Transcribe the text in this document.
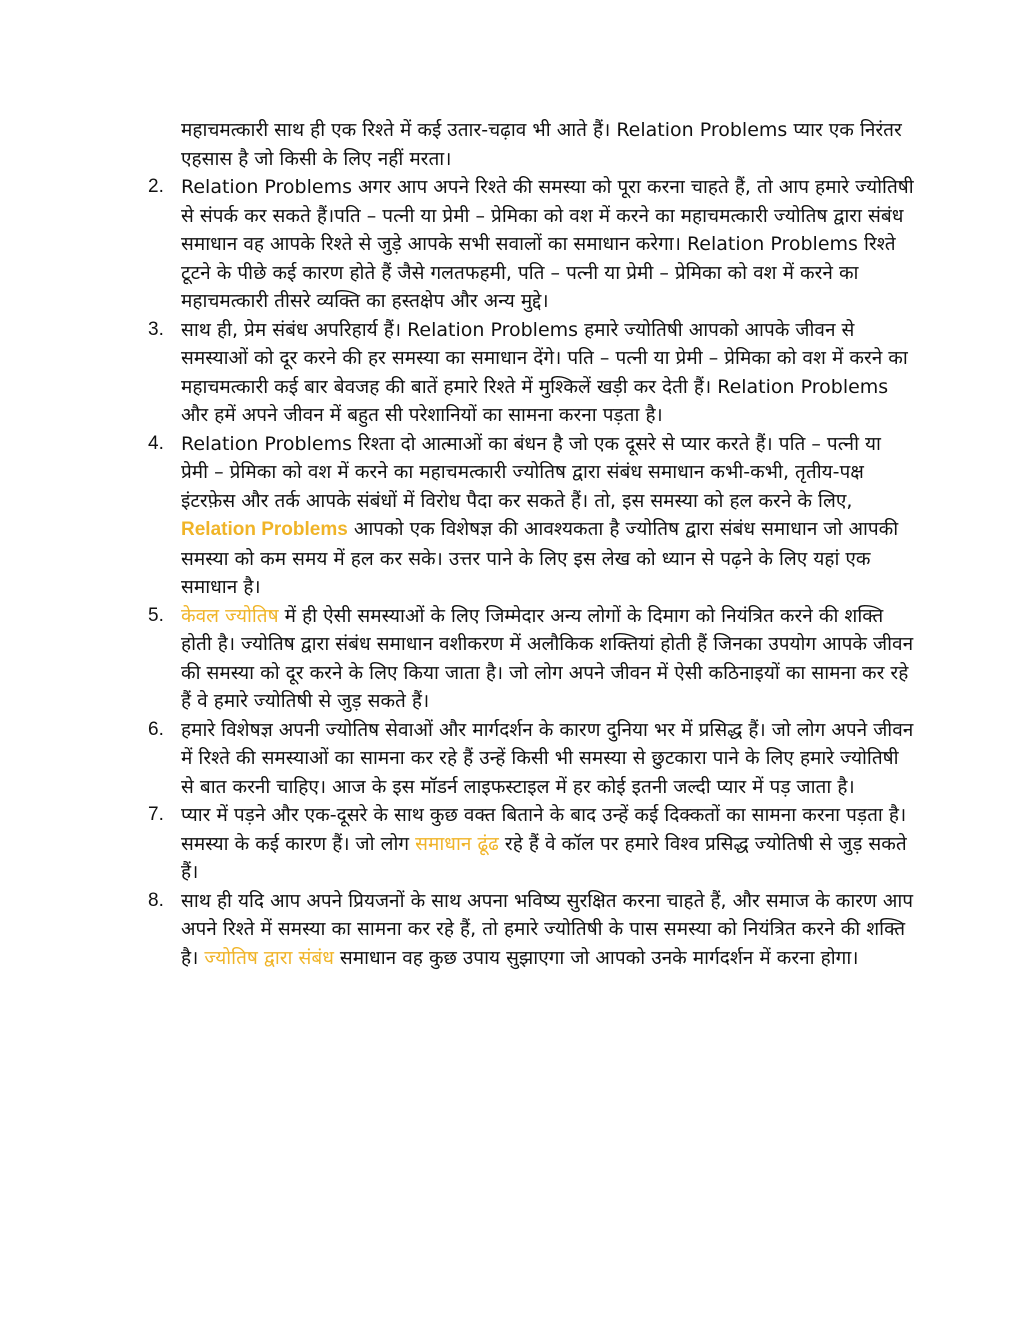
महाचमत्कारी साथ ही एक रिश्ते में कई उतार-चढ़ाव भी आते हैं। Relation Problems प्यार एक निरंतर एहसास है जो किसी के लिए नहीं मरता।

2. Relation Problems अगर आप अपने रिश्ते की समस्या को पूरा करना चाहते हैं, तो आप हमारे ज्योतिषी से संपर्क कर सकते हैं।पति – पत्नी या प्रेमी – प्रेमिका को वश में करने का महाचमत्कारी ज्योतिष द्वारा संबंध समाधान वह आपके रिश्ते से जुड़े आपके सभी सवालों का समाधान करेगा। Relation Problems रिश्ते टूटने के पीछे कई कारण होते हैं जैसे गलतफहमी, पति – पत्नी या प्रेमी – प्रेमिका को वश में करने का महाचमत्कारी तीसरे व्यक्ति का हस्तक्षेप और अन्य मुद्दे।
3. साथ ही, प्रेम संबंध अपरिहार्य हैं। Relation Problems हमारे ज्योतिषी आपको आपके जीवन से समस्याओं को दूर करने की हर समस्या का समाधान देंगे। पति – पत्नी या प्रेमी – प्रेमिका को वश में करने का महाचमत्कारी कई बार बेवजह की बातें हमारे रिश्ते में मुश्किलें खड़ी कर देती हैं। Relation Problems और हमें अपने जीवन में बहुत सी परेशानियों का सामना करना पड़ता है।
4. Relation Problems रिश्ता दो आत्माओं का बंधन है जो एक दूसरे से प्यार करते हैं। पति – पत्नी या प्रेमी – प्रेमिका को वश में करने का महाचमत्कारी ज्योतिष द्वारा संबंध समाधान कभी-कभी, तृतीय-पक्ष इंटरफ़ेस और तर्क आपके संबंधों में विरोध पैदा कर सकते हैं। तो, इस समस्या को हल करने के लिए, Relation Problems आपको एक विशेषज्ञ की आवश्यकता है ज्योतिष द्वारा संबंध समाधान जो आपकी समस्या को कम समय में हल कर सके। उत्तर पाने के लिए इस लेख को ध्यान से पढ़ने के लिए यहां एक समाधान है।
5. केवल ज्योतिष में ही ऐसी समस्याओं के लिए जिम्मेदार अन्य लोगों के दिमाग को नियंत्रित करने की शक्ति होती है। ज्योतिष द्वारा संबंध समाधान वशीकरण में अलौकिक शक्तियां होती हैं जिनका उपयोग आपके जीवन की समस्या को दूर करने के लिए किया जाता है। जो लोग अपने जीवन में ऐसी कठिनाइयों का सामना कर रहे हैं वे हमारे ज्योतिषी से जुड़ सकते हैं।
6. हमारे विशेषज्ञ अपनी ज्योतिष सेवाओं और मार्गदर्शन के कारण दुनिया भर में प्रसिद्ध हैं। जो लोग अपने जीवन में रिश्ते की समस्याओं का सामना कर रहे हैं उन्हें किसी भी समस्या से छुटकारा पाने के लिए हमारे ज्योतिषी से बात करनी चाहिए। आज के इस मॉडर्न लाइफस्टाइल में हर कोई इतनी जल्दी प्यार में पड़ जाता है।
7. प्यार में पड़ने और एक-दूसरे के साथ कुछ वक्त बिताने के बाद उन्हें कई दिक्कतों का सामना करना पड़ता है। समस्या के कई कारण हैं। जो लोग समाधान ढूंढ रहे हैं वे कॉल पर हमारे विश्व प्रसिद्ध ज्योतिषी से जुड़ सकते हैं।
8. साथ ही यदि आप अपने प्रियजनों के साथ अपना भविष्य सुरक्षित करना चाहते हैं, और समाज के कारण आप अपने रिश्ते में समस्या का सामना कर रहे हैं, तो हमारे ज्योतिषी के पास समस्या को नियंत्रित करने की शक्ति है। ज्योतिष द्वारा संबंध समाधान वह कुछ उपाय सुझाएगा जो आपको उनके मार्गदर्शन में करना होगा।
